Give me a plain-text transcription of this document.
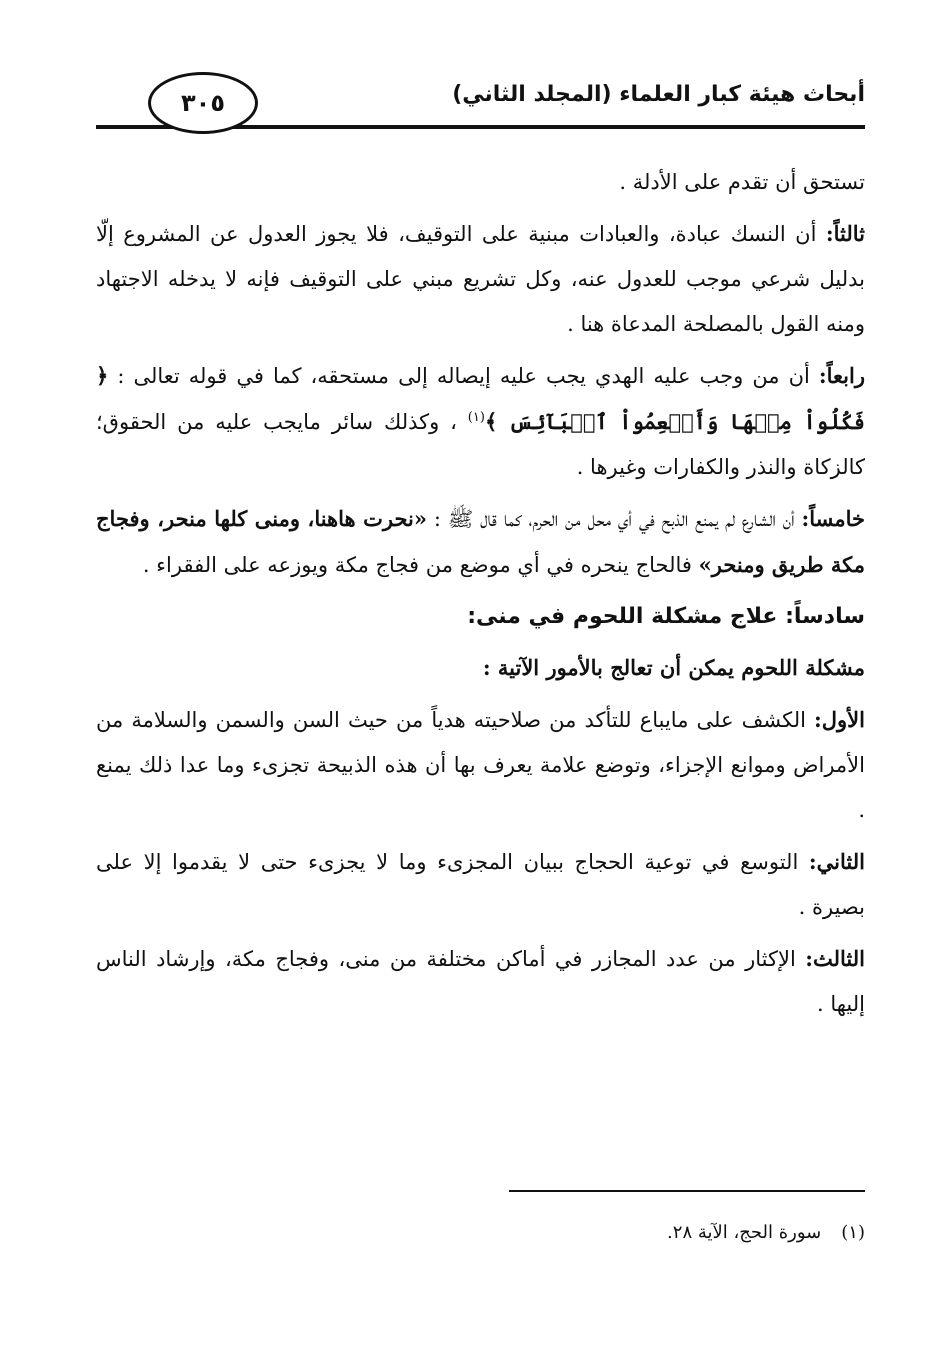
أبحاث هيئة كبار العلماء (المجلد الثاني)
٣٠٥

تستحق أن تقدم على الأدلة .

ثالثاً: أن النسك عبادة، والعبادات مبنية على التوقيف، فلا يجوز العدول عن المشروع إلّا بدليل شرعي موجب للعدول عنه، وكل تشريع مبني على التوقيف فإنه لا يدخله الاجتهاد ومنه القول بالمصلحة المدعاة هنا .

رابعاً: أن من وجب عليه الهدي يجب عليه إيصاله إلى مستحقه، كما في قوله تعالى : ﴿ فَكُلُواْ مِنۡهَا وَأَطۡعِمُواْ ٱلۡبَآئِسَ ﴾$^{(١)}$ ، وكذلك سائر مايجب عليه من الحقوق؛ كالزكاة والنذر والكفارات وغيرها .

خامساً: أن الشارع لم يمنع الذبح في أي محل من الحرم، كما قال ﷺ : «نحرت هاهنا، ومنى كلها منحر، وفجاج مكة طريق ومنحر» فالحاج ينحره في أي موضع من فجاج مكة ويوزعه على الفقراء .

سادساً: علاج مشكلة اللحوم في منى:

مشكلة اللحوم يمكن أن تعالج بالأمور الآتية :

الأول: الكشف على مايباع للتأكد من صلاحيته هدياً من حيث السن والسمن والسلامة من الأمراض وموانع الإجزاء، وتوضع علامة يعرف بها أن هذه الذبيحة تجزىء وما عدا ذلك يمنع .

الثاني: التوسع في توعية الحجاج ببيان المجزىء وما لا يجزىء حتى لا يقدموا إلا على بصيرة .

الثالث: الإكثار من عدد المجازر في أماكن مختلفة من منى، وفجاج مكة، وإرشاد الناس إليها .

(١)سورة الحج، الآية ٢٨.
